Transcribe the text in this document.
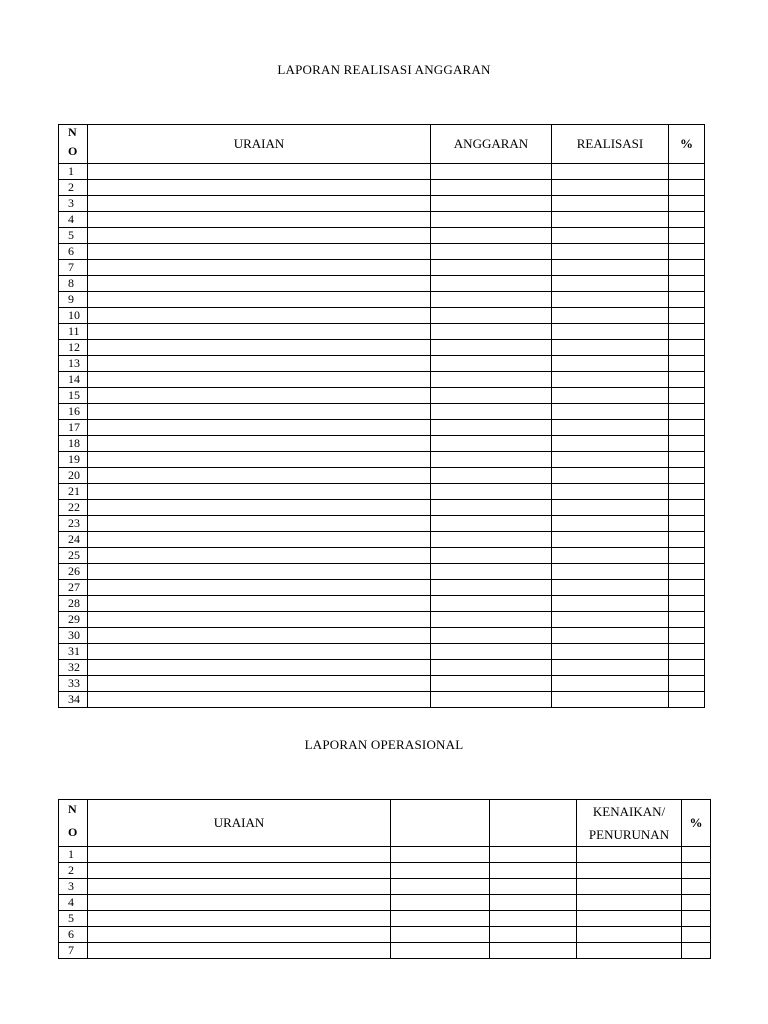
LAPORAN REALISASI ANGGARAN
N
O	URAIAN	ANGGARAN	REALISASI	%
1				
2				
3				
4				
5				
6				
7				
8				
9				
10				
11				
12				
13				
14				
15				
16				
17				
18				
19				
20				
21				
22				
23				
24				
25				
26				
27				
28				
29				
30				
31				
32				
33				
34				
LAPORAN OPERASIONAL
N
O	URAIAN			KENAIKAN/
PENURUNAN	%
1					
2					
3					
4					
5					
6					
7					
